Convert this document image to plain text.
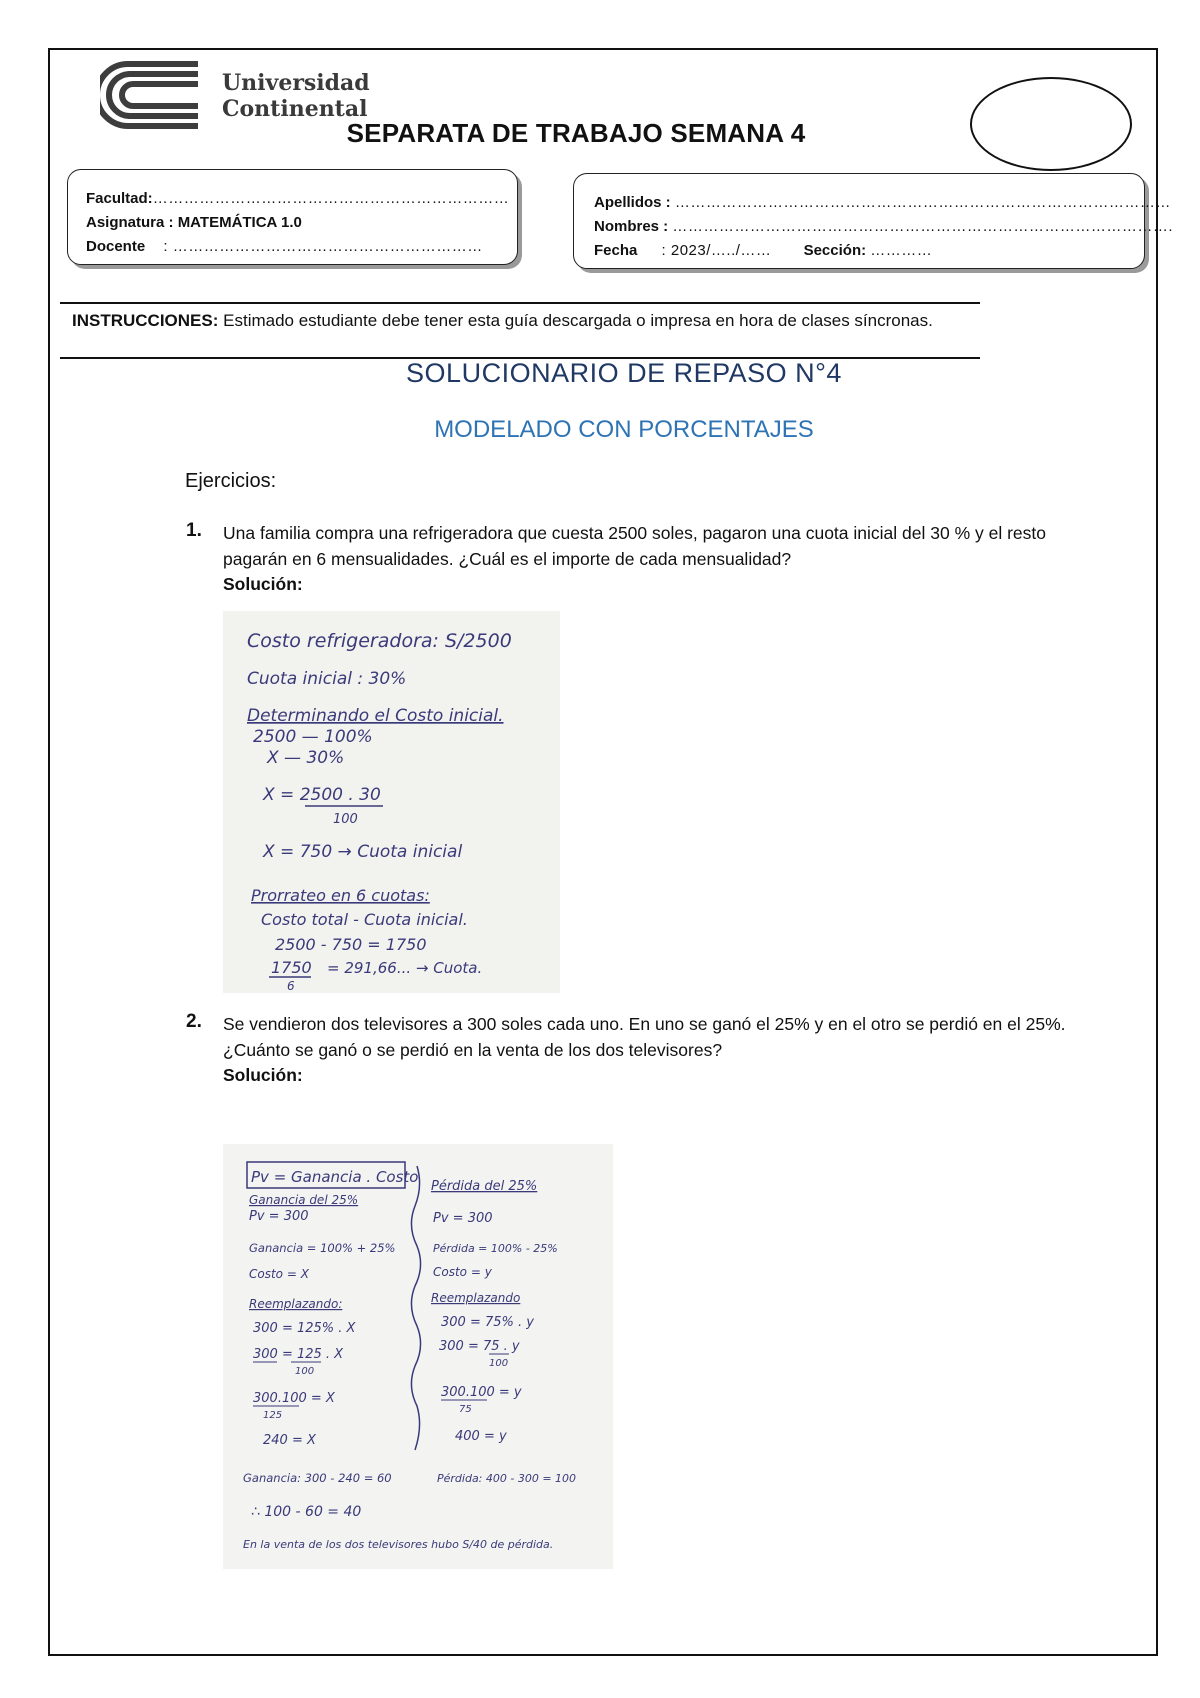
Universidad
Continental
SEPARATA DE TRABAJO SEMANA 4
Facultad:……………………………………………………………
Asignatura : MATEMÁTICA 1.0
Docente : ……………………………………………………
Apellidos : ……………………………………………………………………………………
Nombres : …………………………………………………………………………………….
Fecha : 2023/…../…… Sección: …………
INSTRUCCIONES: Estimado estudiante debe tener esta guía descargada o impresa en hora de clases síncronas.
SOLUCIONARIO DE REPASO N°4
MODELADO CON PORCENTAJES
Ejercicios:
1. Una familia compra una refrigeradora que cuesta 2500 soles, pagaron una cuota inicial del 30 % y el resto pagarán en 6 mensualidades. ¿Cuál es el importe de cada mensualidad?
Solución:
Costo refrigeradora: S/2500
Cuota inicial : 30%
Determinando el Costo inicial.
2500 — 100%
X — 30%
X = 2500 . 30
100
X = 750 → Cuota inicial
Prorrateo en 6 cuotas:
Costo total - Cuota inicial.
2500 - 750 = 1750
1750
6
= 291,66... → Cuota.
2. Se vendieron dos televisores a 300 soles cada uno. En uno se ganó el 25% y en el otro se perdió en el 25%. ¿Cuánto se ganó o se perdió en la venta de los dos televisores?
Solución:
Pv = Ganancia . Costo
Ganancia del 25%
Pv = 300
Ganancia = 100% + 25%
Costo = X
Reemplazando:
300 = 125% . X
300 = 125 . X
100
300.100 = X
125
240 = X
Pérdida del 25%
Pv = 300
Pérdida = 100% - 25%
Costo = y
Reemplazando
300 = 75% . y
300 = 75 . y
100
300.100 = y
75
400 = y
Ganancia: 300 - 240 = 60	Pérdida: 400 - 300 = 100
∴ 100 - 60 = 40
En la venta de los dos televisores hubo S/40 de pérdida.
